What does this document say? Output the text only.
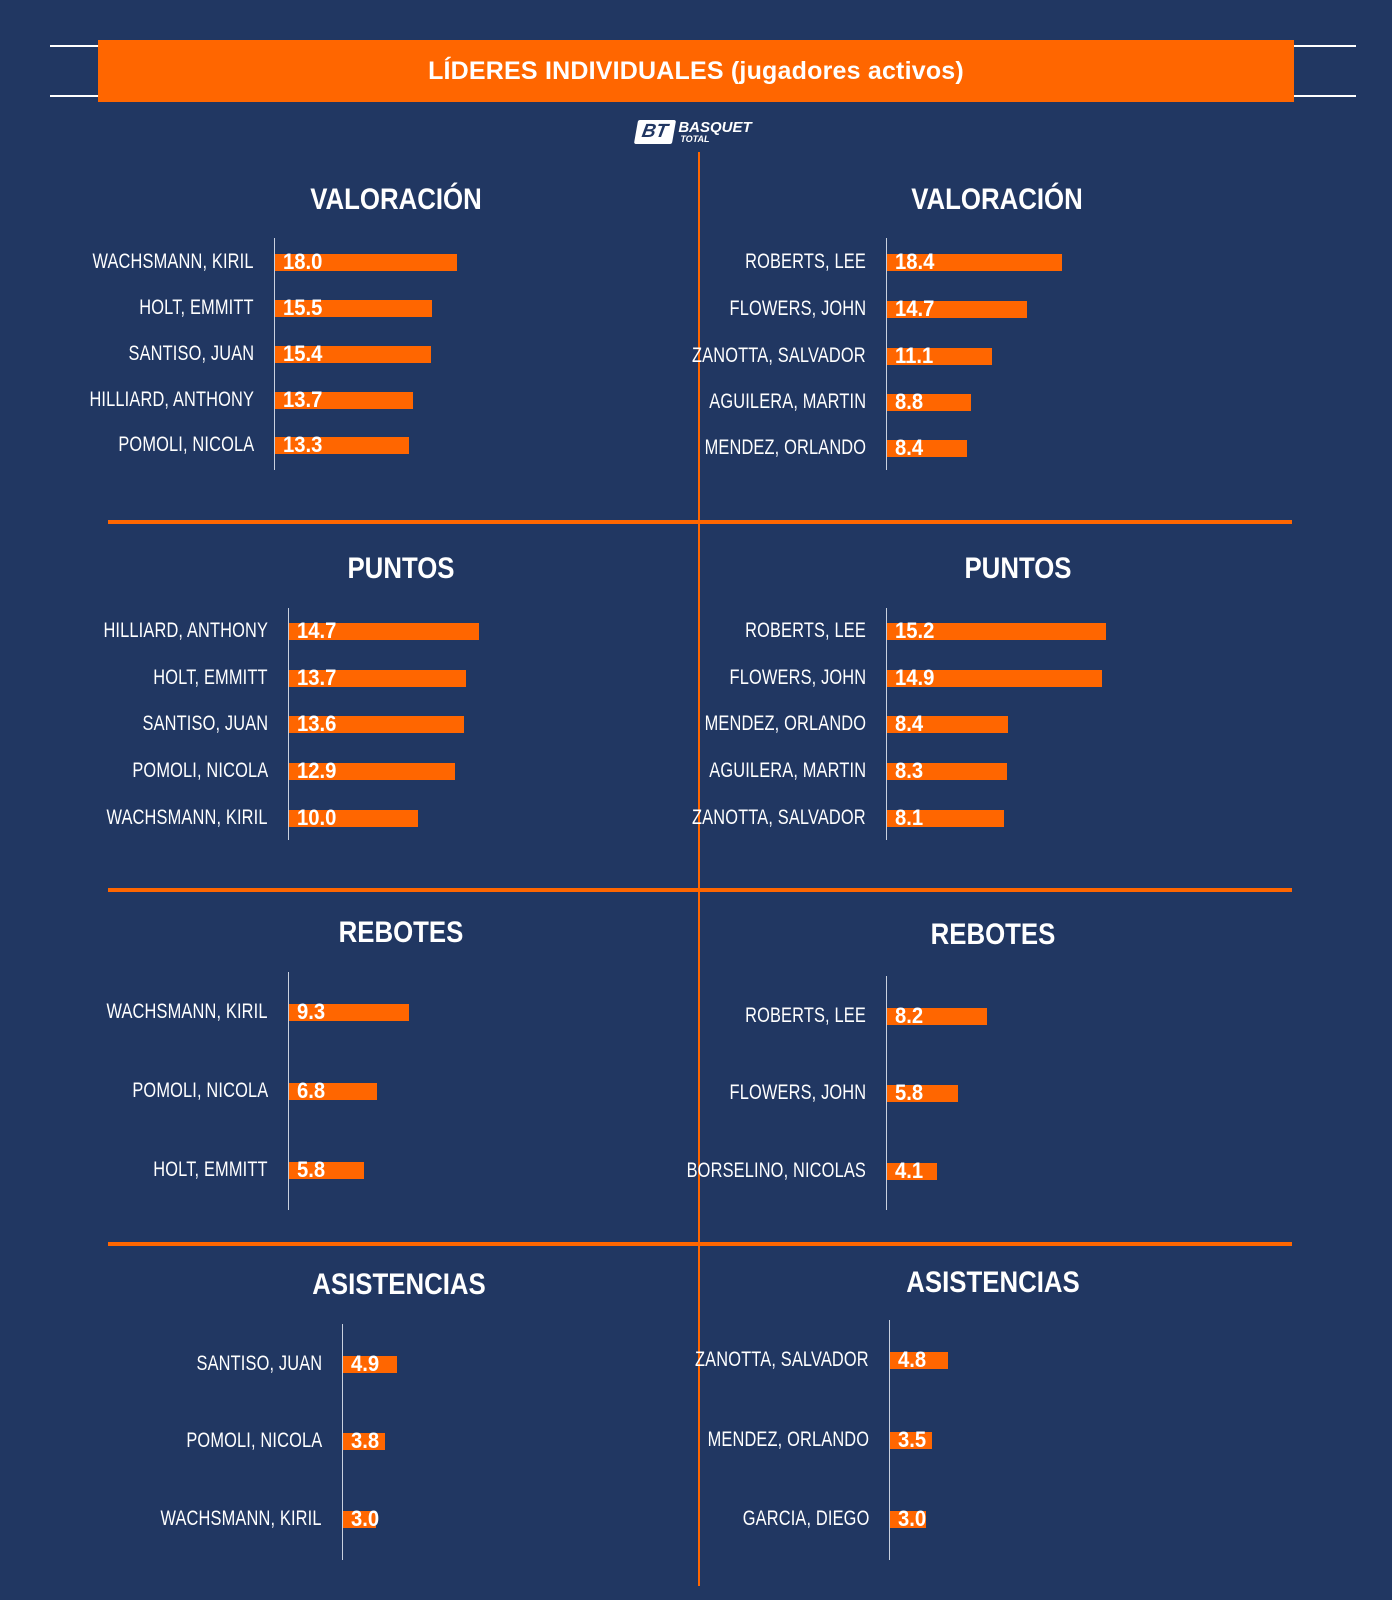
LÍDERES INDIVIDUALES (jugadores activos)
BT BASQUET
TOTAL
VALORACIÓN
WACHSMANN, KIRIL 18.0
HOLT, EMMITT 15.5
SANTISO, JUAN 15.4
HILLIARD, ANTHONY 13.7
POMOLI, NICOLA 13.3
VALORACIÓN
ROBERTS, LEE 18.4
FLOWERS, JOHN 14.7
ZANOTTA, SALVADOR 11.1
AGUILERA, MARTIN 8.8
MENDEZ, ORLANDO 8.4
PUNTOS
HILLIARD, ANTHONY 14.7
HOLT, EMMITT 13.7
SANTISO, JUAN 13.6
POMOLI, NICOLA 12.9
WACHSMANN, KIRIL 10.0
PUNTOS
ROBERTS, LEE 15.2
FLOWERS, JOHN 14.9
MENDEZ, ORLANDO 8.4
AGUILERA, MARTIN 8.3
ZANOTTA, SALVADOR 8.1
REBOTES
WACHSMANN, KIRIL 9.3
POMOLI, NICOLA 6.8
HOLT, EMMITT 5.8
REBOTES
ROBERTS, LEE 8.2
FLOWERS, JOHN 5.8
BORSELINO, NICOLAS 4.1
ASISTENCIAS
SANTISO, JUAN 4.9
POMOLI, NICOLA 3.8
WACHSMANN, KIRIL 3.0
ASISTENCIAS
ZANOTTA, SALVADOR 4.8
MENDEZ, ORLANDO 3.5
GARCIA, DIEGO 3.0
